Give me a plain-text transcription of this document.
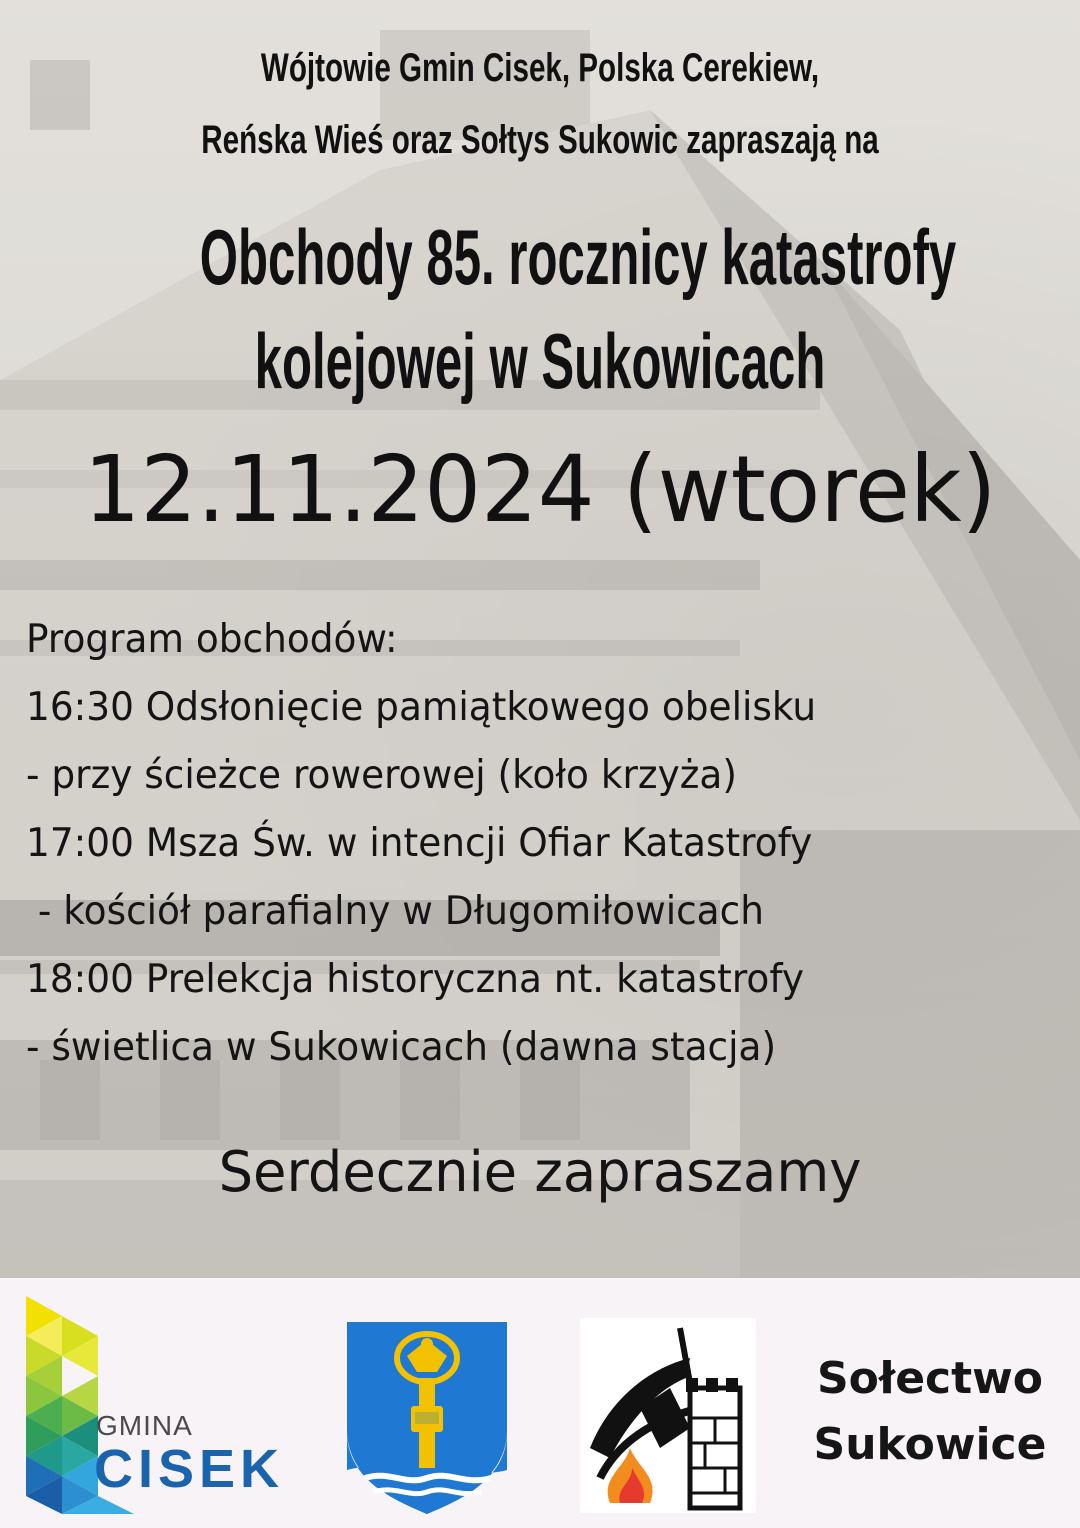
Wójtowie Gmin Cisek, Polska Cerekiew,
Reńska Wieś oraz Sołtys Sukowic zapraszają na
Obchody 85. rocznicy katastrofy
kolejowej w Sukowicach
12.11.2024 (wtorek)
Program obchodów:
16:30 Odsłonięcie pamiątkowego obelisku
- przy ścieżce rowerowej (koło krzyża)
17:00 Msza Św. w intencji Ofiar Katastrofy
- kościół parafialny w Długomiłowicach
18:00 Prelekcja historyczna nt. katastrofy
- świetlica w Sukowicach (dawna stacja)
Serdecznie zapraszamy
GMINA
CISEK
Sołectwo
Sukowice
